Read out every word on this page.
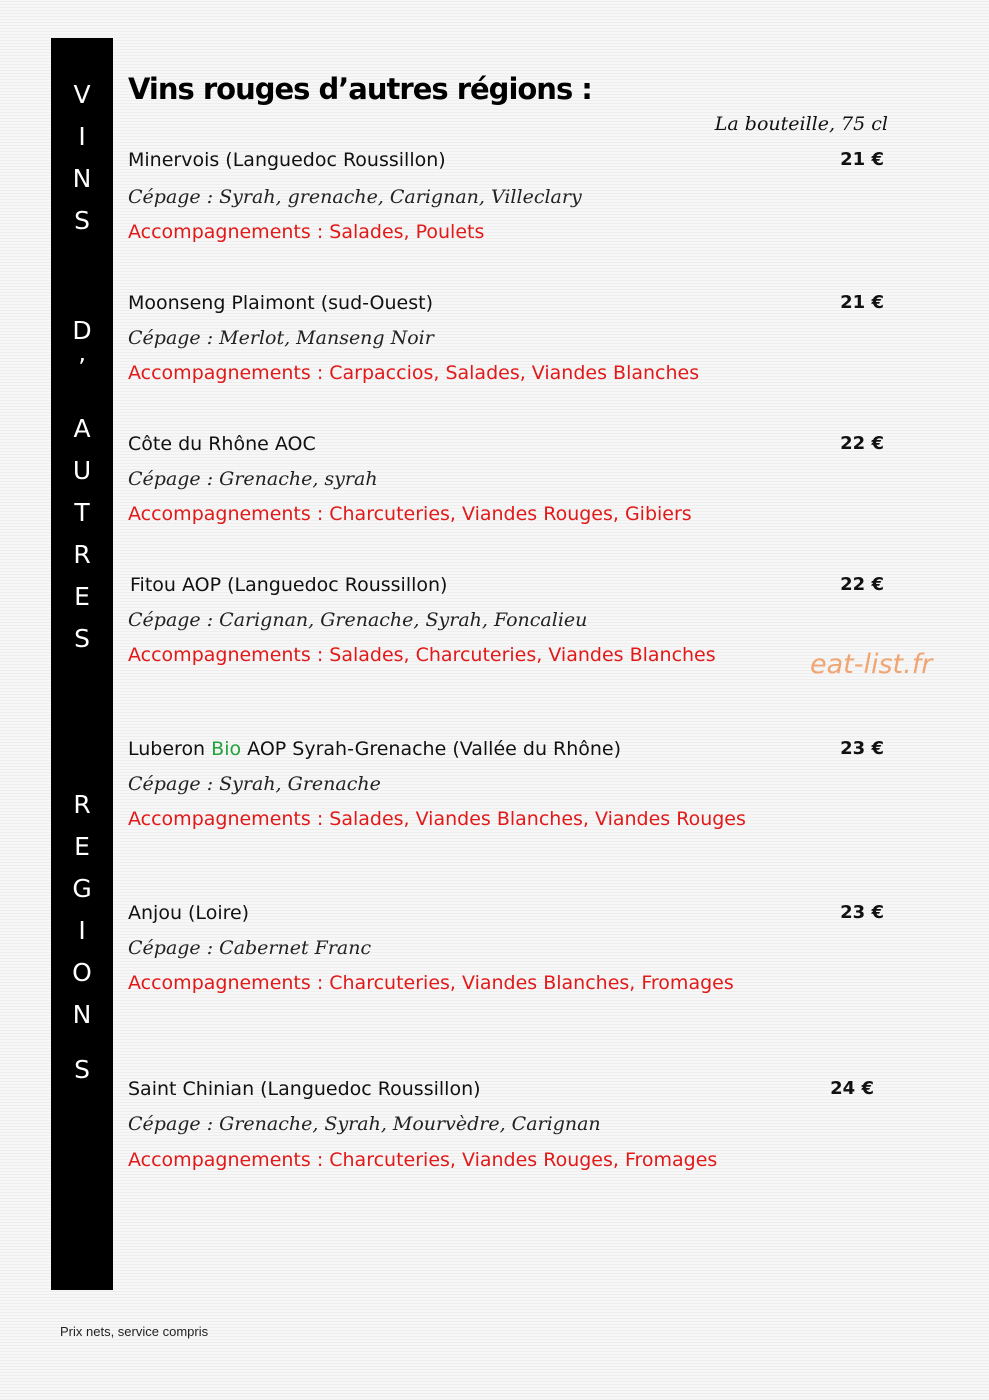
V
I
N
S
D
’
A
U
T
R
E
S
R
E
G
I
O
N
S
Vins rouges d’autres régions :
La bouteille, 75 cl
Minervois (Languedoc Roussillon)	21 €
Cépage : Syrah, grenache, Carignan, Villeclary
Accompagnements : Salades, Poulets
Moonseng Plaimont (sud-Ouest)	21 €
Cépage : Merlot, Manseng Noir
Accompagnements : Carpaccios, Salades, Viandes Blanches
Côte du Rhône AOC	22 €
Cépage : Grenache, syrah
Accompagnements : Charcuteries, Viandes Rouges, Gibiers
Fitou AOP (Languedoc Roussillon)	22 €
Cépage : Carignan, Grenache, Syrah, Foncalieu
Accompagnements : Salades, Charcuteries, Viandes Blanches
Luberon Bio AOP Syrah-Grenache (Vallée du Rhône)	23 €
Cépage : Syrah, Grenache
Accompagnements : Salades, Viandes Blanches, Viandes Rouges
Anjou (Loire)	23 €
Cépage : Cabernet Franc
Accompagnements : Charcuteries, Viandes Blanches, Fromages
Saint Chinian (Languedoc Roussillon)	24 €
Cépage : Grenache, Syrah, Mourvèdre, Carignan
Accompagnements : Charcuteries, Viandes Rouges, Fromages
eat-list.fr
Prix nets, service compris
